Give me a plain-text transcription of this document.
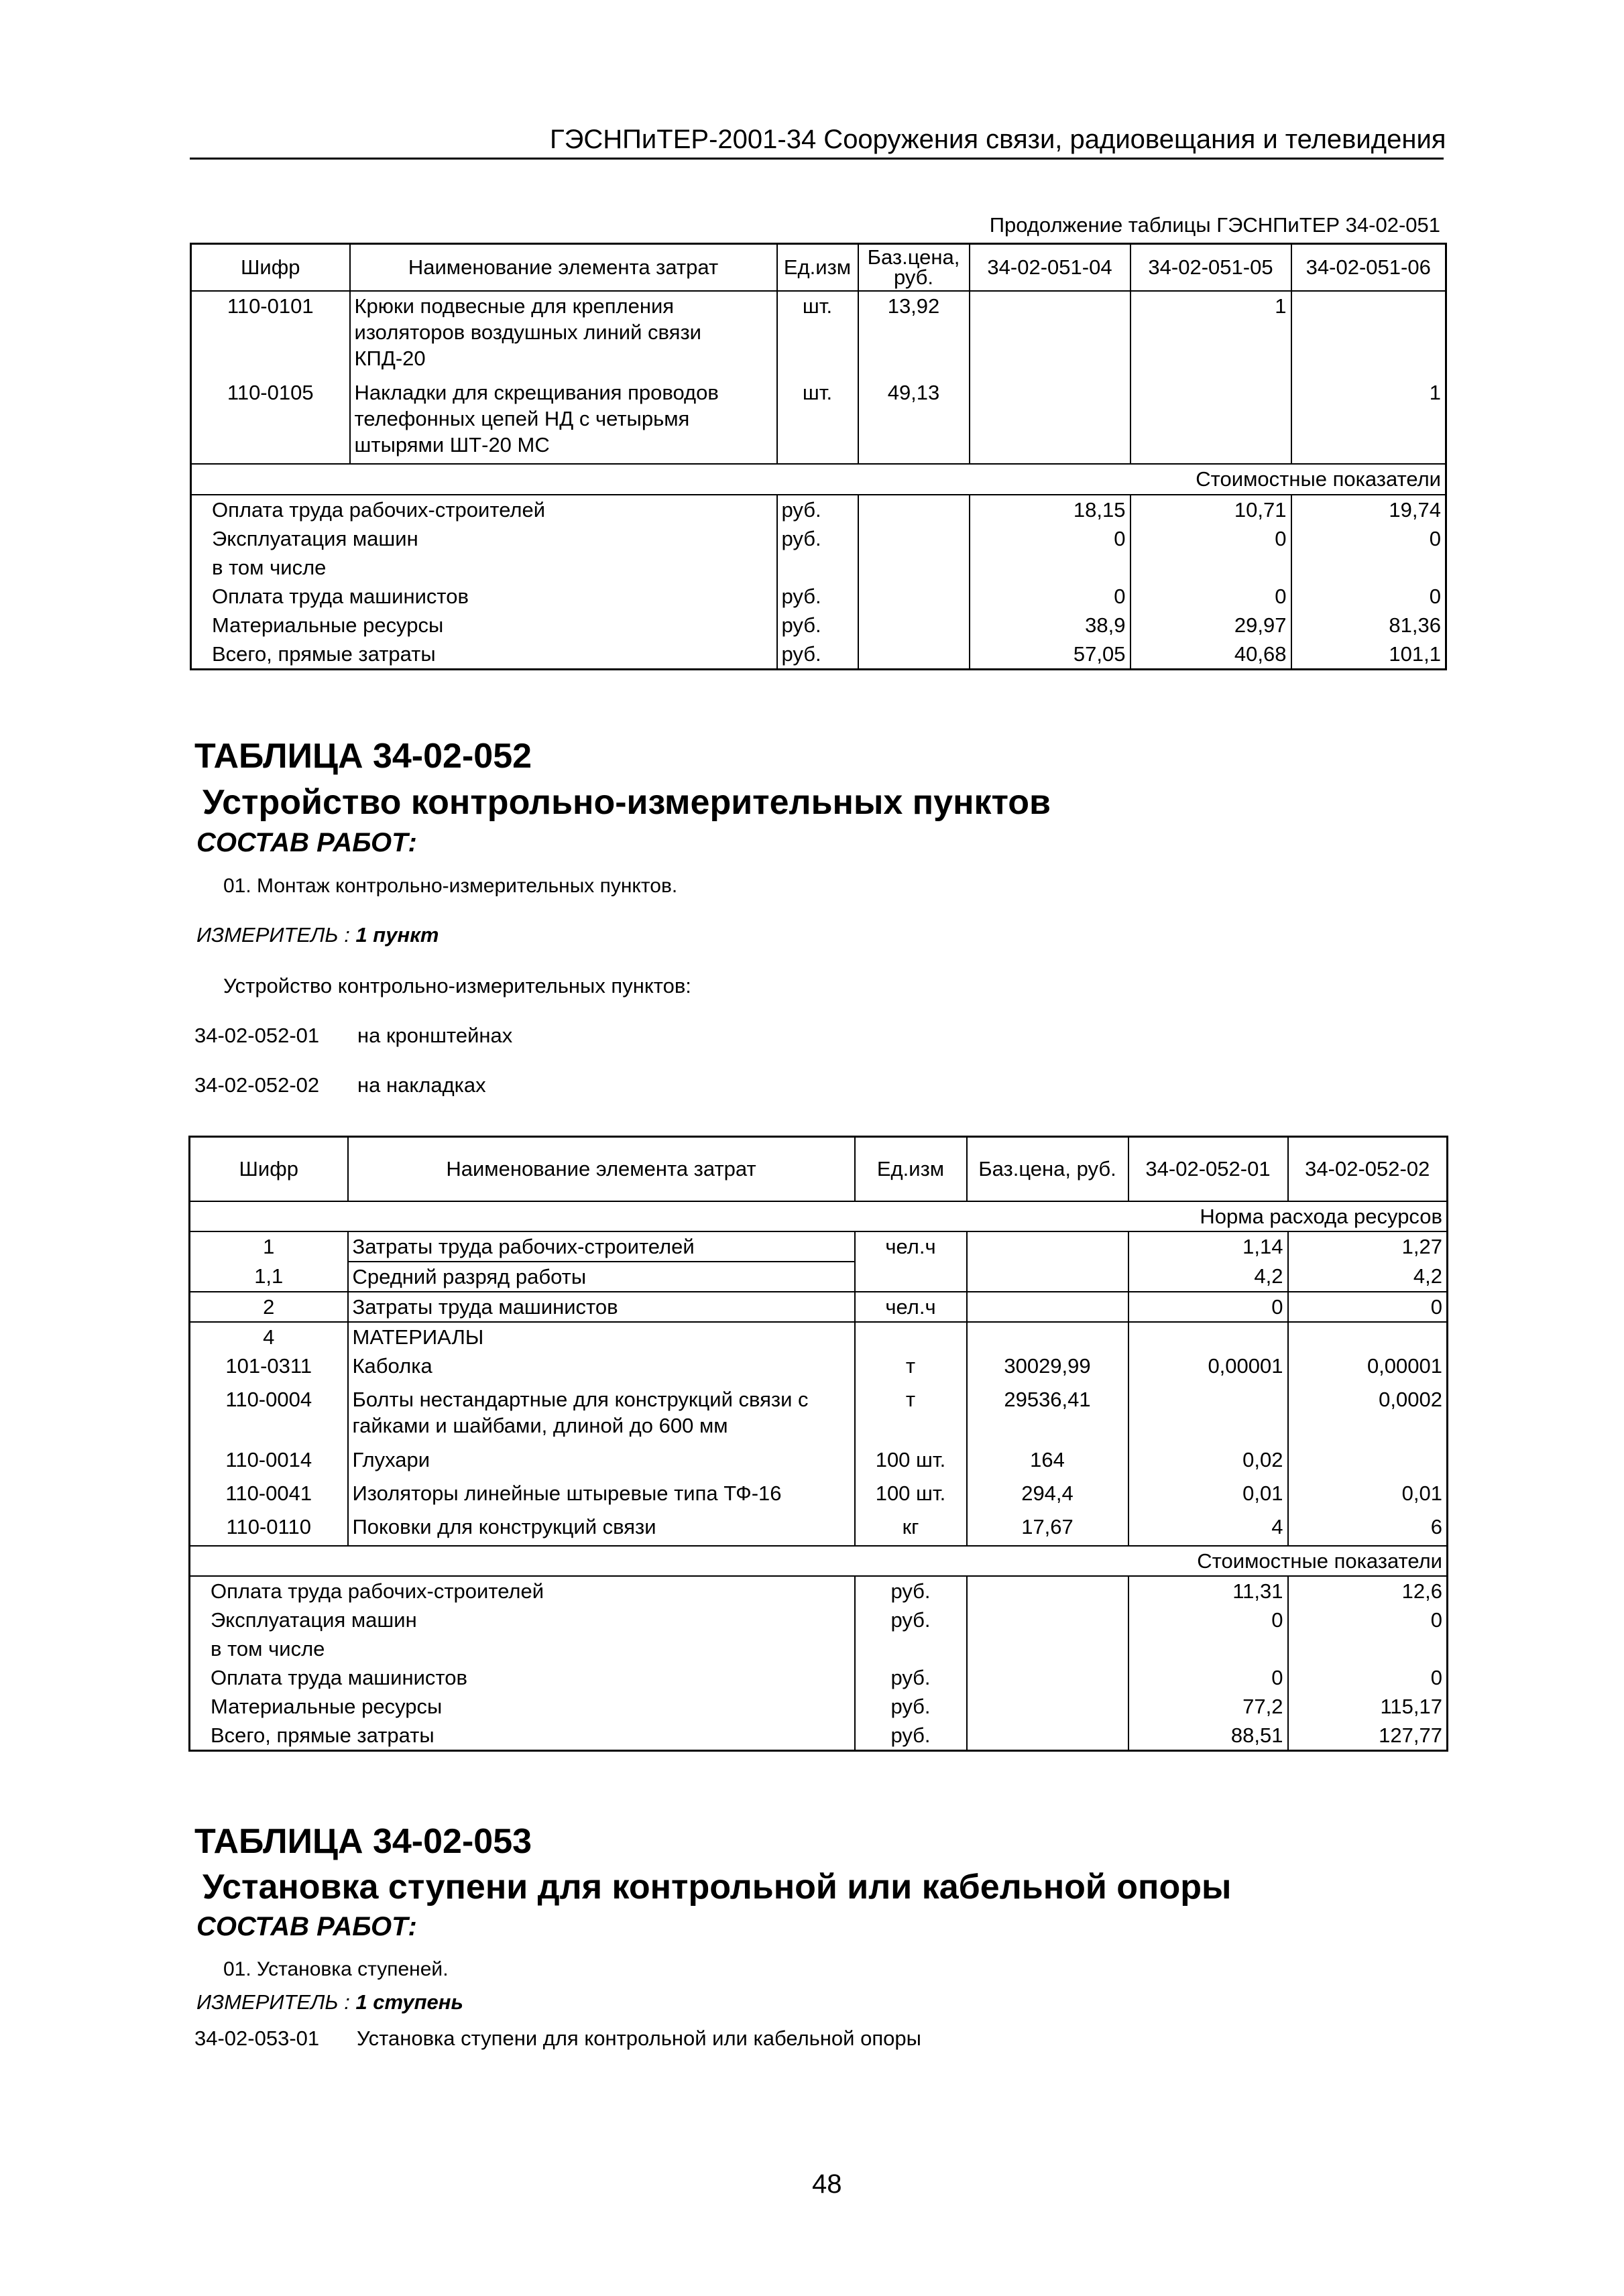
ГЭСНПиТЕР-2001-34 Сооружения связи, радиовещания и телевидения
Продолжение таблицы ГЭСНПиТЕР 34-02-051
Шифр	Наименование элемента затрат	Ед.изм	Баз.цена, руб.	34-02-051-04	34-02-051-05	34-02-051-06
110-0101	Крюки подвесные для крепления изоляторов воздушных линий связи КПД-20	шт.	13,92		1	
110-0105	Накладки для скрещивания проводов телефонных цепей НД с четырьмя штырями ШТ-20 МС	шт.	49,13			1
Стоимостные показатели						
Оплата труда рабочих-строителей		руб.		18,15	10,71	19,74
Эксплуатация машин		руб.		0	0	0
в том числе						
Оплата труда машинистов		руб.		0	0	0
Материальные ресурсы		руб.		38,9	29,97	81,36
Всего, прямые затраты		руб.		57,05	40,68	101,1
ТАБЛИЦА 34-02-052
Устройство контрольно-измерительных пунктов
СОСТАВ РАБОТ:
01. Монтаж контрольно-измерительных пунктов.
ИЗМЕРИТЕЛЬ : 1 пункт
Устройство контрольно-измерительных пунктов:
34-02-052-01 на кронштейнах
34-02-052-02 на накладках
Шифр	Наименование элемента затрат	Ед.изм	Баз.цена, руб.	34-02-052-01	34-02-052-02
Норма расхода ресурсов					
1	Затраты труда рабочих-строителей	чел.ч		1,14	1,27
1,1	Средний разряд работы			4,2	4,2
2	Затраты труда машинистов	чел.ч		0	0
4	МАТЕРИАЛЫ				
101-0311	Каболка	т	30029,99	0,00001	0,00001
110-0004	Болты нестандартные для конструкций связи с гайками и шайбами, длиной до 600 мм	т	29536,41		0,0002
110-0014	Глухари	100 шт.	164	0,02	
110-0041	Изоляторы линейные штыревые типа ТФ-16	100 шт.	294,4	0,01	0,01
110-0110	Поковки для конструкций связи	кг	17,67	4	6
Стоимостные показатели					
Оплата труда рабочих-строителей		руб.		11,31	12,6
Эксплуатация машин		руб.		0	0
в том числе					
Оплата труда машинистов		руб.		0	0
Материальные ресурсы		руб.		77,2	115,17
Всего, прямые затраты		руб.		88,51	127,77
ТАБЛИЦА 34-02-053
Установка ступени для контрольной или кабельной опоры
СОСТАВ РАБОТ:
01. Установка ступеней.
ИЗМЕРИТЕЛЬ : 1 ступень
34-02-053-01 Установка ступени для контрольной или кабельной опоры
48
